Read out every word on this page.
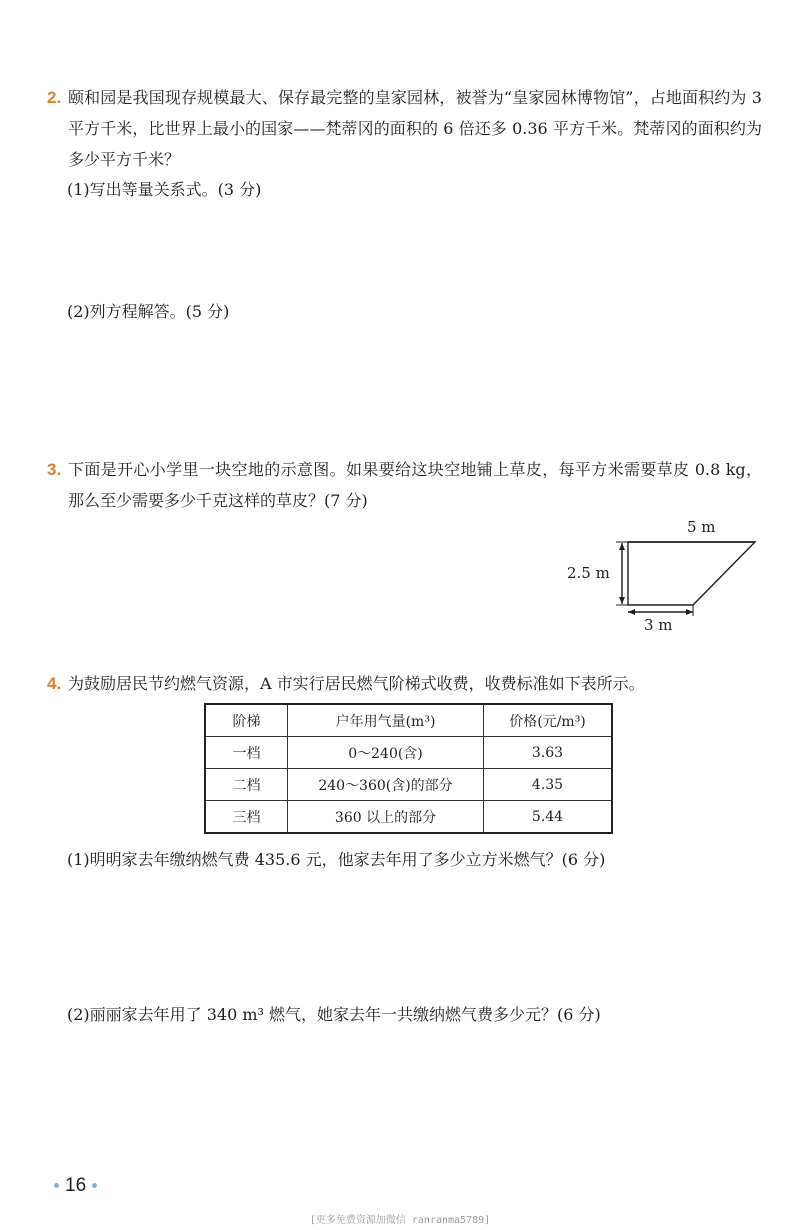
2. 颐和园是我国现存规模最大、保存最完整的皇家园林，被誉为“皇家园林博物馆”，占地面积约为 3 平方千米，比世界上最小的国家——梵蒂冈的面积的 6 倍还多 0.36 平方千米。梵蒂冈的面积约为多少平方千米？
(1)写出等量关系式。(3 分)
(2)列方程解答。(5 分)
3. 下面是开心小学里一块空地的示意图。如果要给这块空地铺上草皮，每平方米需要草皮 0.8 kg，那么至少需要多少千克这样的草皮？(7 分)
5 m
2.5 m
3 m
4. 为鼓励居民节约燃气资源，A 市实行居民燃气阶梯式收费，收费标准如下表所示。
阶梯	户年用气量(m³)	价格(元/m³)
一档	0～240(含)	3.63
二档	240～360(含)的部分	4.35
三档	360 以上的部分	5.44
(1)明明家去年缴纳燃气费 435.6 元，他家去年用了多少立方米燃气？(6 分)
(2)丽丽家去年用了 340 m³ 燃气，她家去年一共缴纳燃气费多少元？(6 分)
16
[更多免费资源加微信 ranranma5789]
